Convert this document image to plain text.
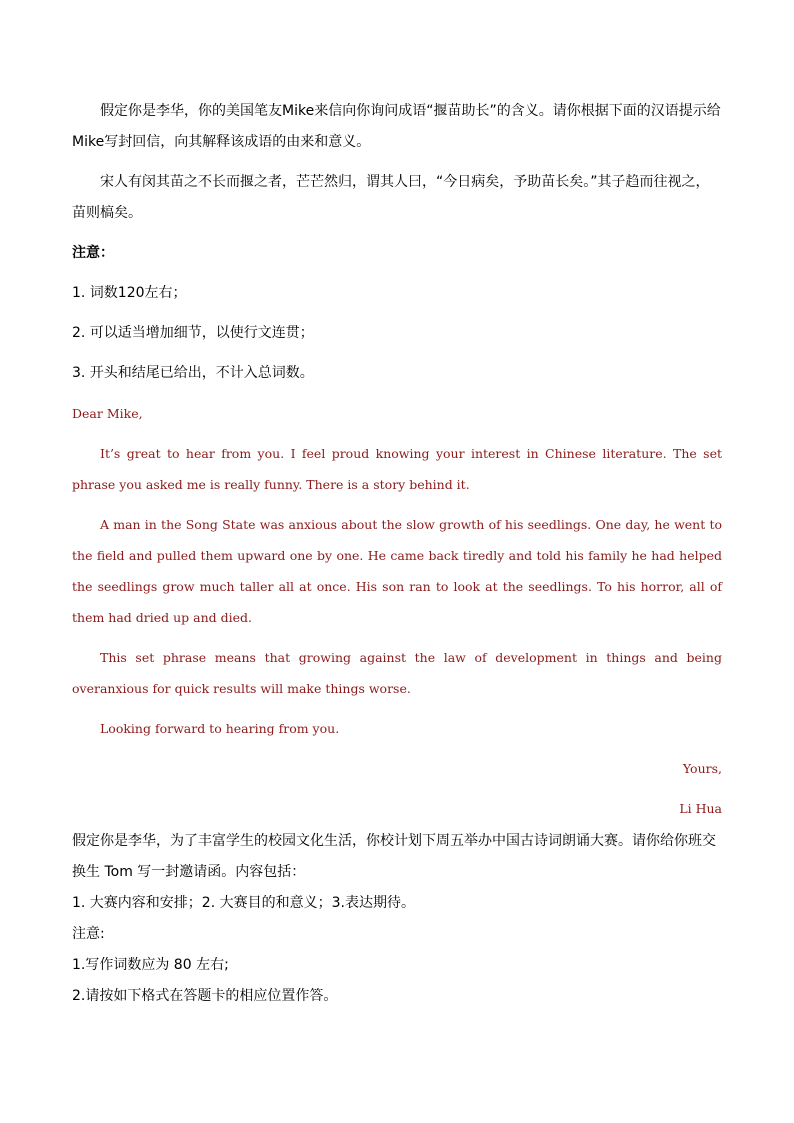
假定你是李华，你的美国笔友Mike来信向你询问成语“揠苗助长”的含义。请你根据下面的汉语提示给Mike写封回信，向其解释该成语的由来和意义。

宋人有闵其苗之不长而揠之者，芒芒然归，谓其人曰，“今日病矣，予助苗长矣。”其子趋而往视之，苗则槁矣。

注意：

1. 词数120左右；

2. 可以适当增加细节，以使行文连贯；

3. 开头和结尾已给出，不计入总词数。

Dear Mike,

It’s great to hear from you. I feel proud knowing your interest in Chinese literature. The set phrase you asked me is really funny. There is a story behind it.

A man in the Song State was anxious about the slow growth of his seedlings. One day, he went to the field and pulled them upward one by one. He came back tiredly and told his family he had helped the seedlings grow much taller all at once. His son ran to look at the seedlings. To his horror, all of them had dried up and died.

This set phrase means that growing against the law of development in things and being overanxious for quick results will make things worse.

Looking forward to hearing from you.

Yours,

Li Hua

假定你是李华，为了丰富学生的校园文化生活，你校计划下周五举办中国古诗词朗诵大赛。请你给你班交换生 Tom 写一封邀请函。内容包括：

1. 大赛内容和安排；2. 大赛目的和意义；3.表达期待。

注意:

1.写作词数应为 80 左右;

2.请按如下格式在答题卡的相应位置作答。
